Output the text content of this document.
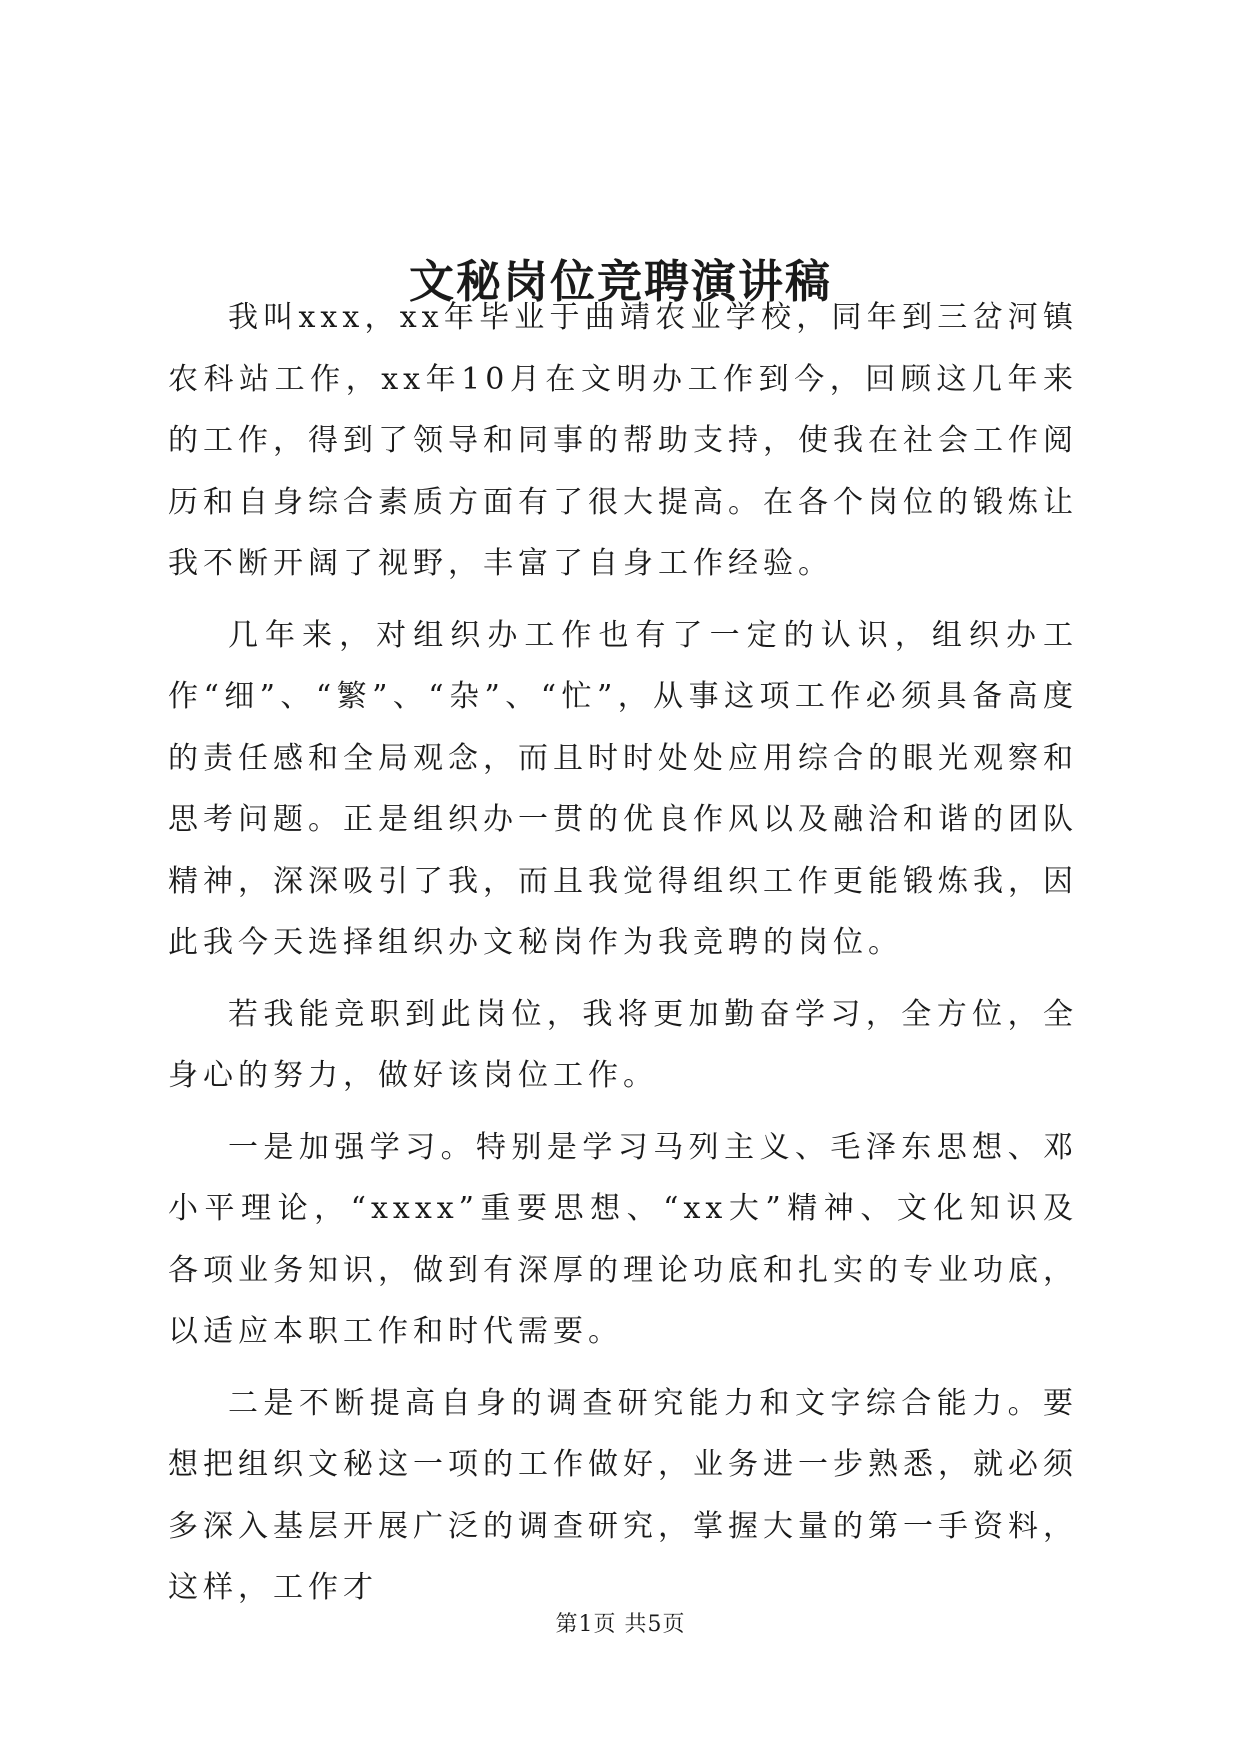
文秘岗位竞聘演讲稿

我叫xxx，xx年毕业于曲靖农业学校，同年到三岔河镇农科站工作，xx年10月在文明办工作到今，回顾这几年来的工作，得到了领导和同事的帮助支持，使我在社会工作阅历和自身综合素质方面有了很大提高。在各个岗位的锻炼让我不断开阔了视野，丰富了自身工作经验。

几年来，对组织办工作也有了一定的认识，组织办工作“细”、“繁”、“杂”、“忙”，从事这项工作必须具备高度的责任感和全局观念，而且时时处处应用综合的眼光观察和思考问题。正是组织办一贯的优良作风以及融洽和谐的团队精神，深深吸引了我，而且我觉得组织工作更能锻炼我，因此我今天选择组织办文秘岗作为我竞聘的岗位。

若我能竞职到此岗位，我将更加勤奋学习，全方位，全身心的努力，做好该岗位工作。

一是加强学习。特别是学习马列主义、毛泽东思想、邓小平理论，“xxxx”重要思想、“xx大”精神、文化知识及各项业务知识，做到有深厚的理论功底和扎实的专业功底，以适应本职工作和时代需要。

二是不断提高自身的调查研究能力和文字综合能力。要想把组织文秘这一项的工作做好，业务进一步熟悉，就必须多深入基层开展广泛的调查研究，掌握大量的第一手资料，这样，工作才

第1页 共5页
